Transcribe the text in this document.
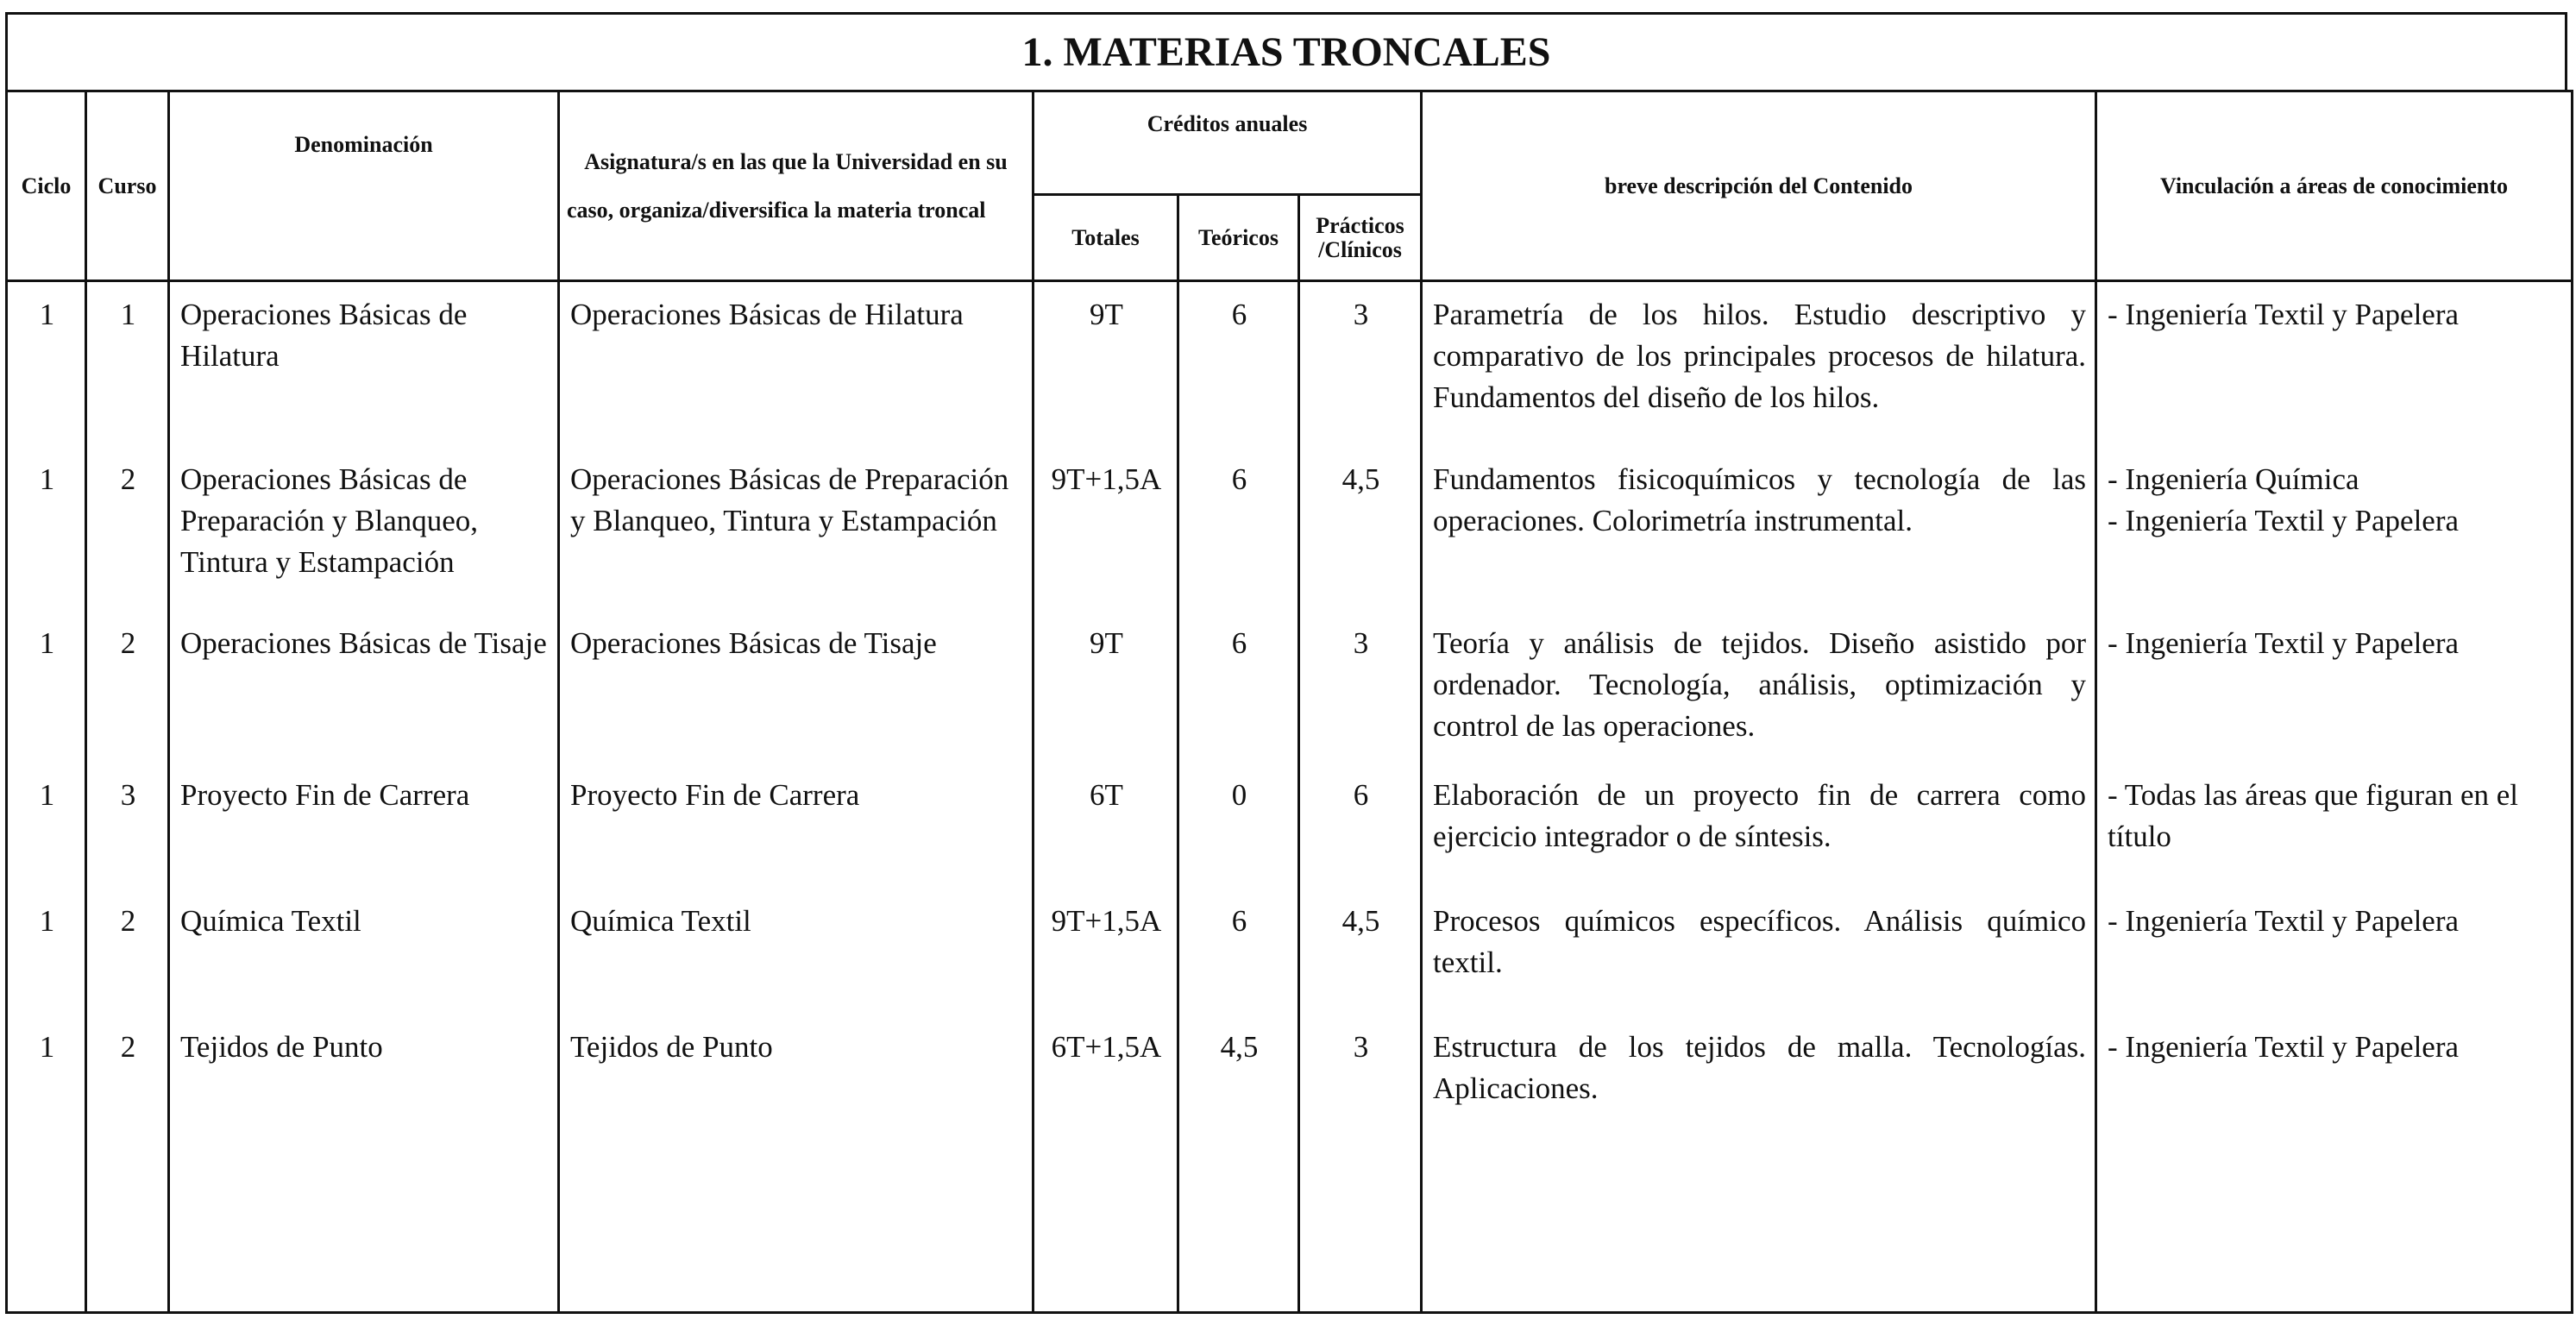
1. MATERIAS TRONCALES
Ciclo	Curso	Denominación	Asignatura/s en las que la Universidad en su caso, organiza/diversifica la materia troncal	Créditos anuales			breve descripción del Contenido	Vinculación a áreas de conocimiento
				Totales	Teóricos	Prácticos /Clínicos		
1	1	Operaciones Básicas de Hilatura	Operaciones Básicas de Hilatura	9T	6	3	Parametría de los hilos. Estudio descriptivo y comparativo de los principales procesos de hilatura. Fundamentos del diseño de los hilos.	- Ingeniería Textil y Papelera

1	2	Operaciones Básicas de Preparación y Blanqueo, Tintura y Estampación	Operaciones Básicas de Preparación y Blanqueo, Tintura y Estampación	9T+1,5A	6	4,5	Fundamentos fisicoquímicos y tecnología de las operaciones. Colorimetría instrumental.	- Ingeniería Química
- Ingeniería Textil y Papelera

1	2	Operaciones Básicas de Tisaje	Operaciones Básicas de Tisaje	9T	6	3	Teoría y análisis de tejidos. Diseño asistido por ordenador. Tecnología, análisis, optimización y control de las operaciones.	- Ingeniería Textil y Papelera

1	3	Proyecto Fin de Carrera	Proyecto Fin de Carrera	6T	0	6	Elaboración de un proyecto fin de carrera como ejercicio integrador o de síntesis.	- Todas las áreas que figuran en el título

1	2	Química Textil	Química Textil	9T+1,5A	6	4,5	Procesos químicos específicos. Análisis químico textil.	- Ingeniería Textil y Papelera

1	2	Tejidos de Punto	Tejidos de Punto	6T+1,5A	4,5	3	Estructura de los tejidos de malla. Tecnologías. Aplicaciones.	- Ingeniería Textil y Papelera
